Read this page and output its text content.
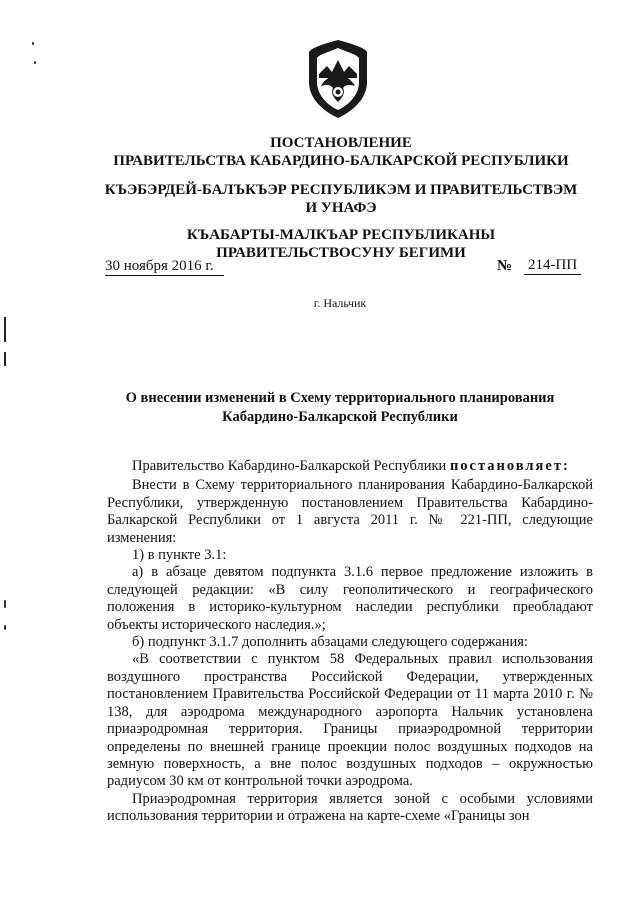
ПОСТАНОВЛЕНИЕ
ПРАВИТЕЛЬСТВА КАБАРДИНО-БАЛКАРСКОЙ РЕСПУБЛИКИ
КЪЭБЭРДЕЙ-БАЛЪКЪЭР РЕСПУБЛИКЭМ И ПРАВИТЕЛЬСТВЭМ И УНАФЭ
КЪАБАРТЫ-МАЛКЪАР РЕСПУБЛИКАНЫ ПРАВИТЕЛЬСТВОСУНУ БЕГИМИ
30 ноября 2016 г.	№ 214-ПП
г. Нальчик
О внесении изменений в Схему территориального планирования Кабардино-Балкарской Республики

Правительство Кабардино-Балкарской Республики постановляет:

Внести в Схему территориального планирования Кабардино-Балкарской Республики, утвержденную постановлением Правительства Кабардино-Балкарской Республики от 1 августа 2011 г. № 221-ПП, следующие изменения:

1) в пункте 3.1:

а) в абзаце девятом подпункта 3.1.6 первое предложение изложить в следующей редакции: «В силу геополитического и географического положения в историко-культурном наследии республики преобладают объекты исторического наследия.»;

б) подпункт 3.1.7 дополнить абзацами следующего содержания:

«В соответствии с пунктом 58 Федеральных правил использования воздушного пространства Российской Федерации, утвержденных постановлением Правительства Российской Федерации от 11 марта 2010 г. № 138, для аэродрома международного аэропорта Нальчик установлена приаэродромная территория. Границы приаэродромной территории определены по внешней границе проекции полос воздушных подходов на земную поверхность, а вне полос воздушных подходов – окружностью радиусом 30 км от контрольной точки аэродрома.

Приаэродромная территория является зоной с особыми условиями использования территории и отражена на карте-схеме «Границы зон
